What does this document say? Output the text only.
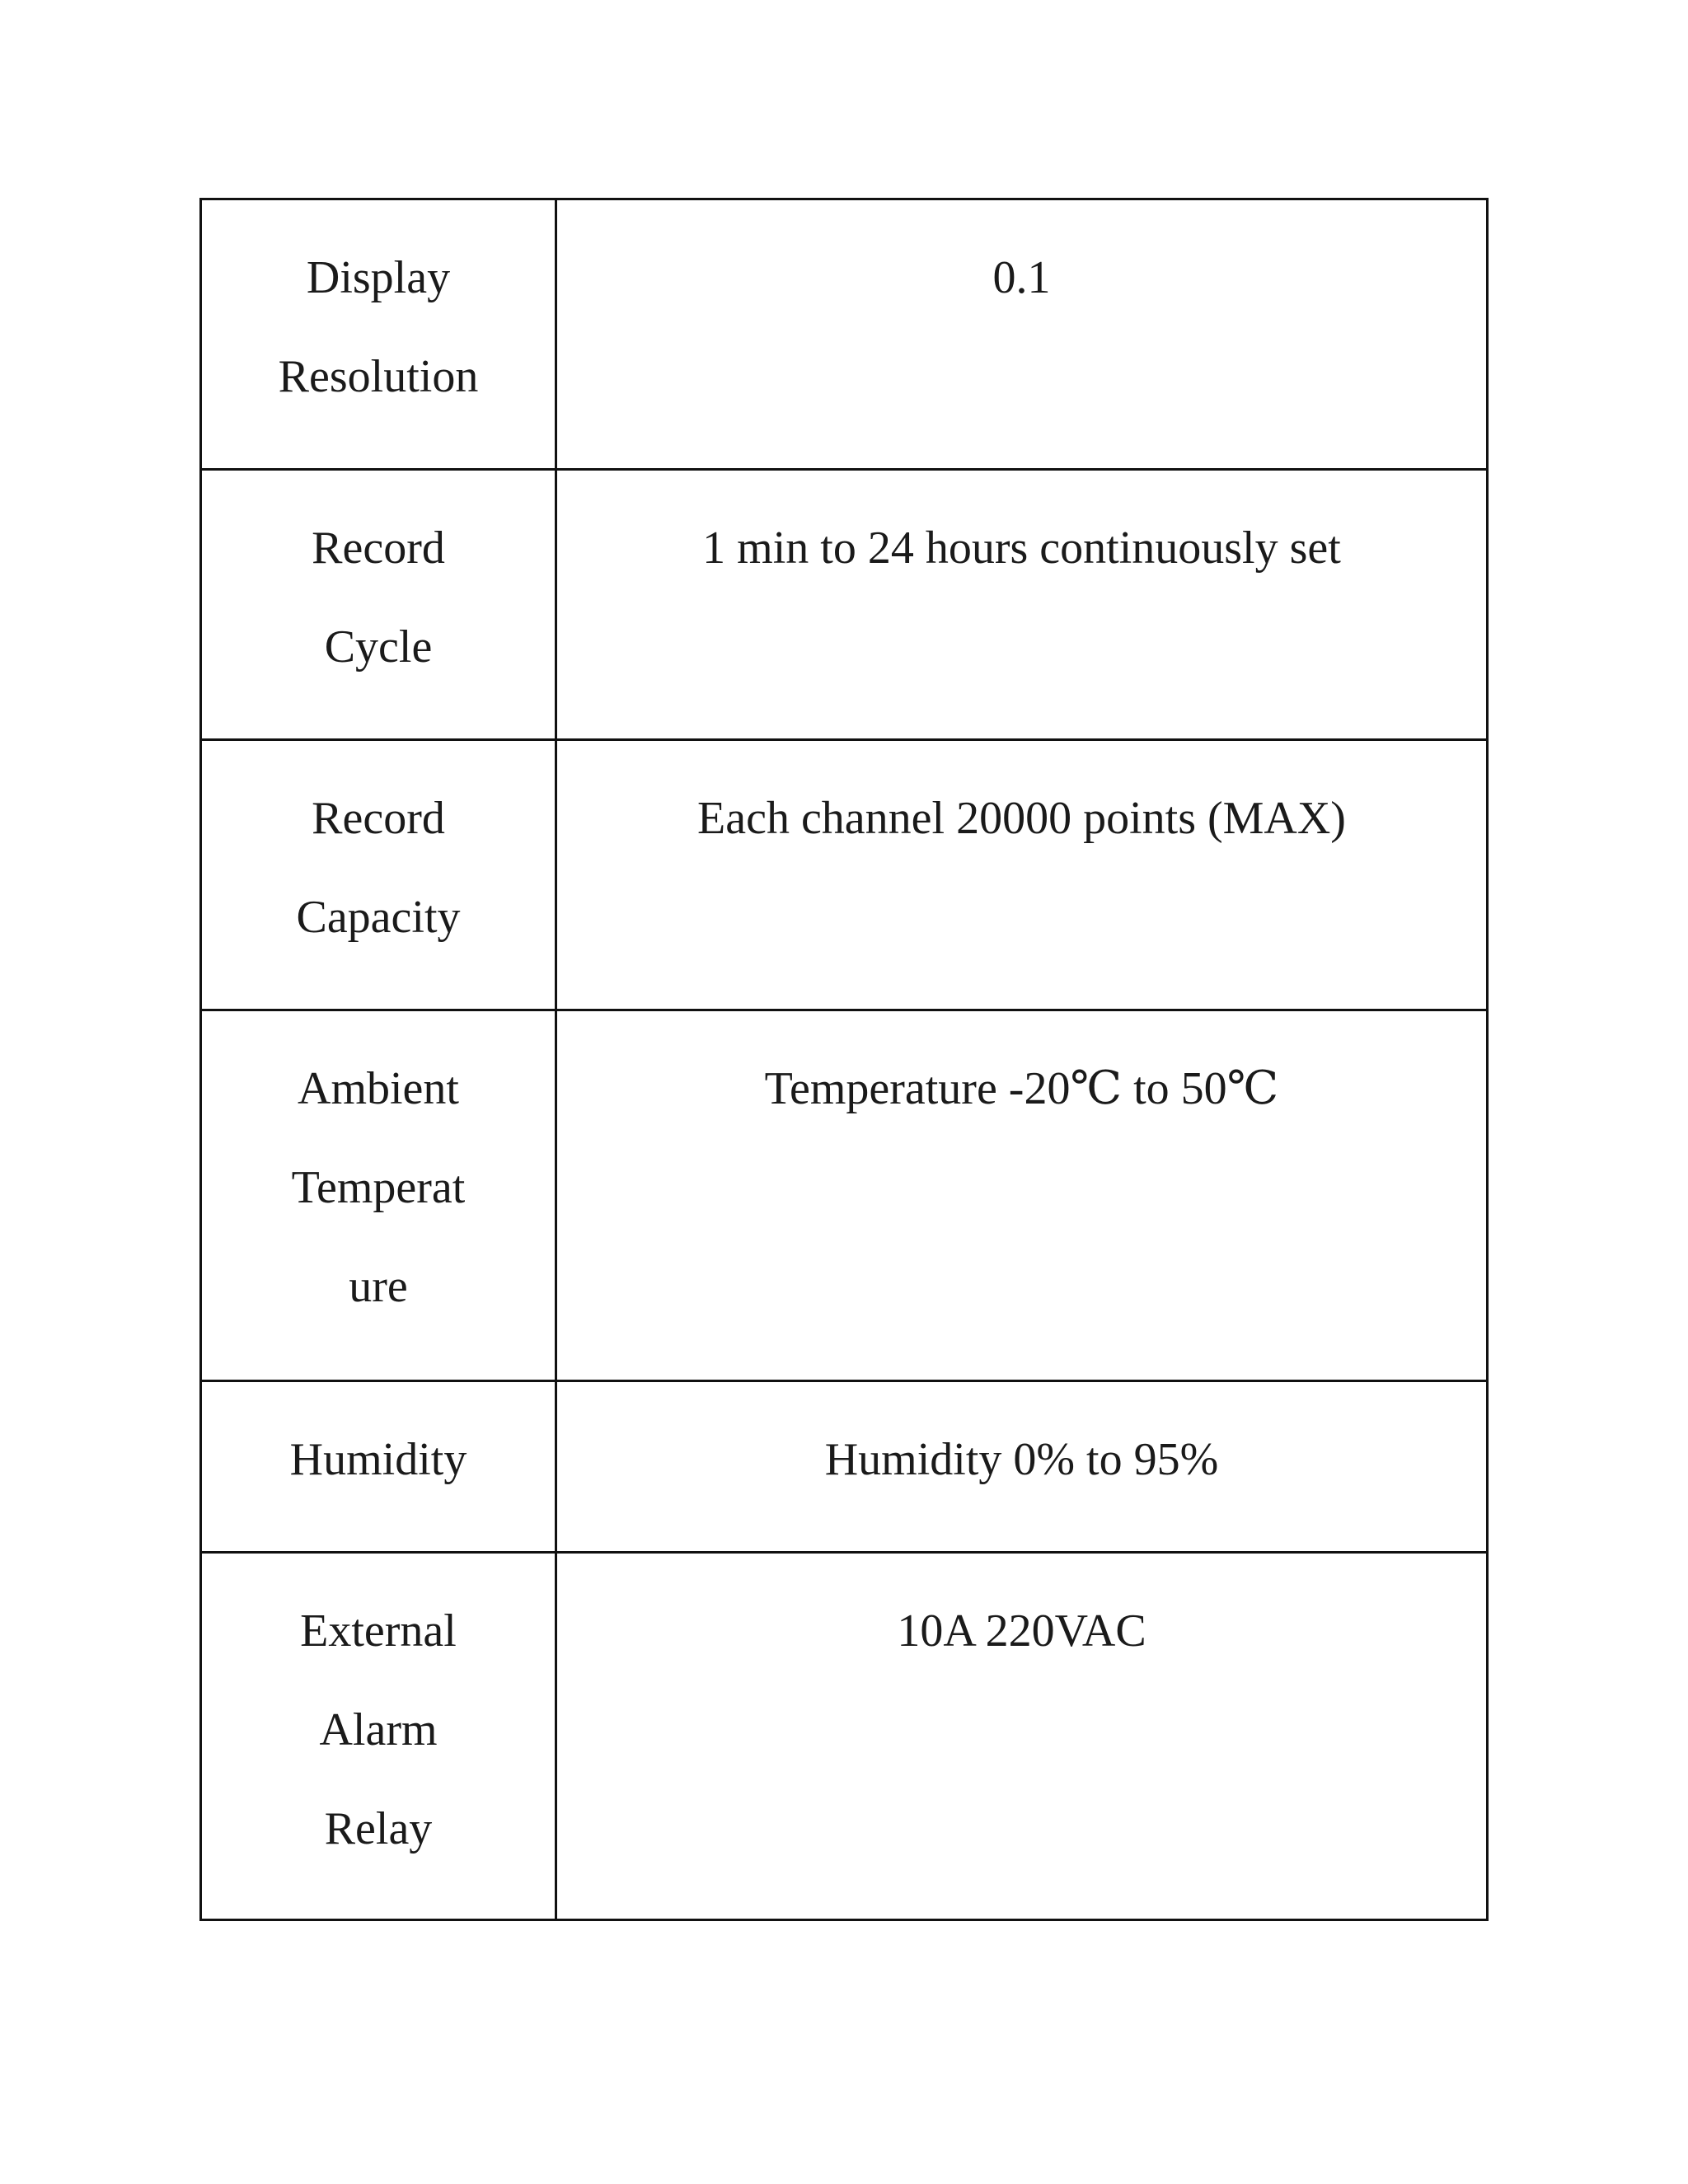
Display
Resolution	0.1

Record
Cycle	1 min to 24 hours continuously set

Record
Capacity	Each channel 20000 points (MAX)

Ambient
Temperat
ure	Temperature -20℃ to 50℃

Humidity	Humidity 0% to 95%

External
Alarm
Relay	10A 220VAC
